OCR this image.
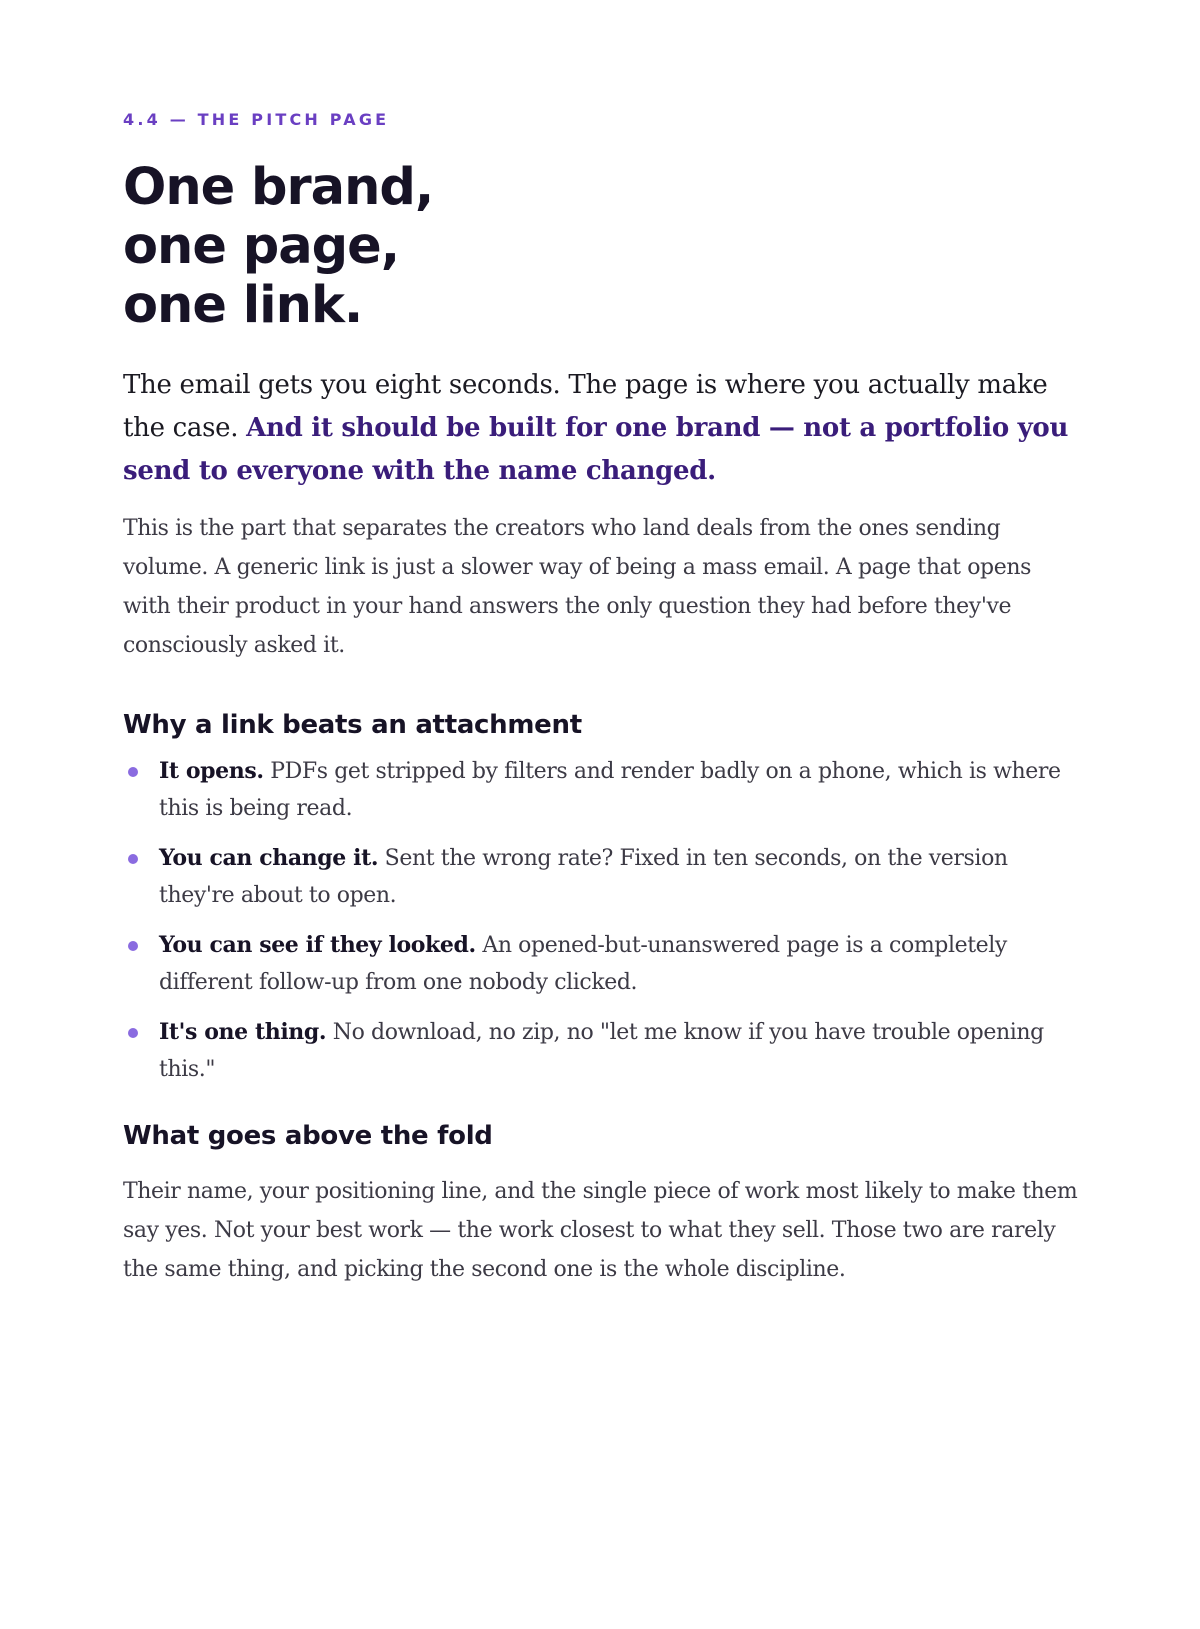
4.4 — THE PITCH PAGE

One brand,
one page,
one link.

The email gets you eight seconds. The page is where you actually make the case. And it should be built for one brand — not a portfolio you send to everyone with the name changed.

This is the part that separates the creators who land deals from the ones sending volume. A generic link is just a slower way of being a mass email. A page that opens with their product in your hand answers the only question they had before they've consciously asked it.

Why a link beats an attachment
It opens. PDFs get stripped by filters and render badly on a phone, which is where this is being read.
You can change it. Sent the wrong rate? Fixed in ten seconds, on the version they're about to open.
You can see if they looked. An opened-but-unanswered page is a completely different follow-up from one nobody clicked.
It's one thing. No download, no zip, no "let me know if you have trouble opening this."
What goes above the fold

Their name, your positioning line, and the single piece of work most likely to make them say yes. Not your best work — the work closest to what they sell. Those two are rarely the same thing, and picking the second one is the whole discipline.
